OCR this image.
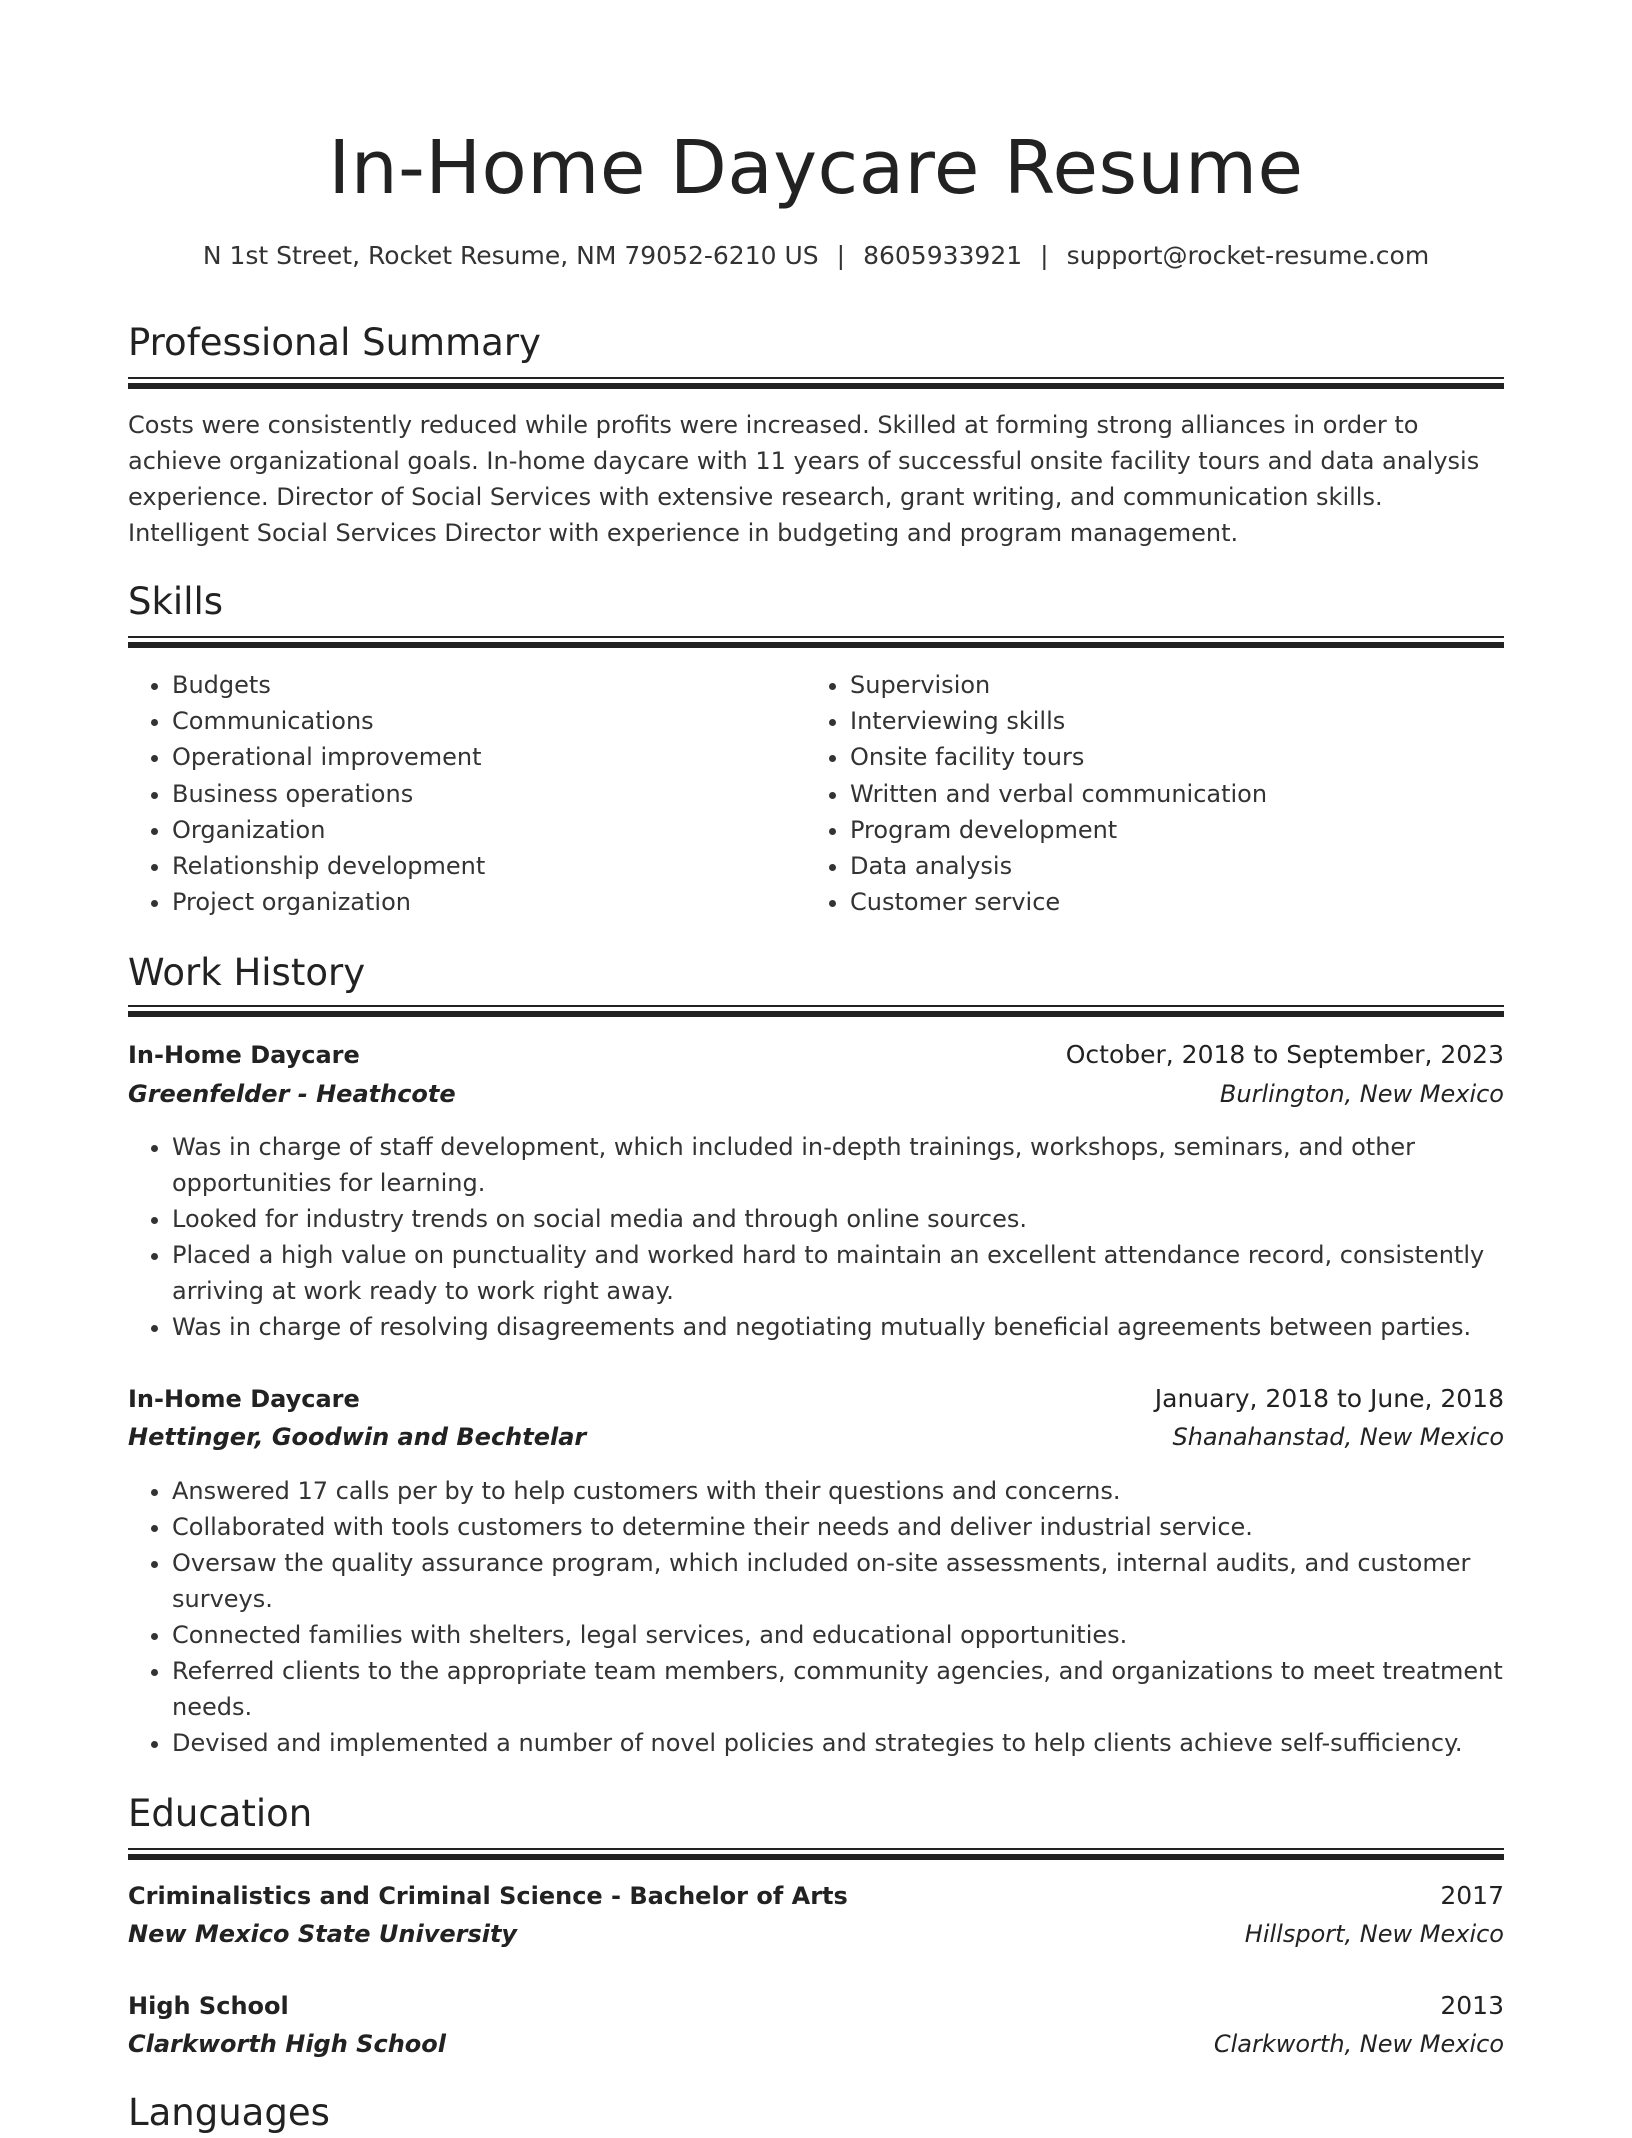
In-Home Daycare Resume
N 1st Street, Rocket Resume, NM 79052-6210 US | 8605933921 | support@rocket-resume.com
Professional Summary
Costs were consistently reduced while profits were increased. Skilled at forming strong alliances in order to achieve organizational goals. In-home daycare with 11 years of successful onsite facility tours and data analysis experience. Director of Social Services with extensive research, grant writing, and communication skills. Intelligent Social Services Director with experience in budgeting and program management.
Skills
• Budgets
• Communications
• Operational improvement
• Business operations
• Organization
• Relationship development
• Project organization
• Supervision
• Interviewing skills
• Onsite facility tours
• Written and verbal communication
• Program development
• Data analysis
• Customer service
Work History
In-Home Daycare	October, 2018 to September, 2023
Greenfelder - Heathcote	Burlington, New Mexico
• Was in charge of staff development, which included in-depth trainings, workshops, seminars, and other opportunities for learning.
• Looked for industry trends on social media and through online sources.
• Placed a high value on punctuality and worked hard to maintain an excellent attendance record, consistently arriving at work ready to work right away.
• Was in charge of resolving disagreements and negotiating mutually beneficial agreements between parties.
In-Home Daycare	January, 2018 to June, 2018
Hettinger, Goodwin and Bechtelar	Shanahanstad, New Mexico
• Answered 17 calls per by to help customers with their questions and concerns.
• Collaborated with tools customers to determine their needs and deliver industrial service.
• Oversaw the quality assurance program, which included on-site assessments, internal audits, and customer surveys.
• Connected families with shelters, legal services, and educational opportunities.
• Referred clients to the appropriate team members, community agencies, and organizations to meet treatment needs.
• Devised and implemented a number of novel policies and strategies to help clients achieve self-sufficiency.
Education
Criminalistics and Criminal Science - Bachelor of Arts	2017
New Mexico State University	Hillsport, New Mexico
High School	2013
Clarkworth High School	Clarkworth, New Mexico
Languages
